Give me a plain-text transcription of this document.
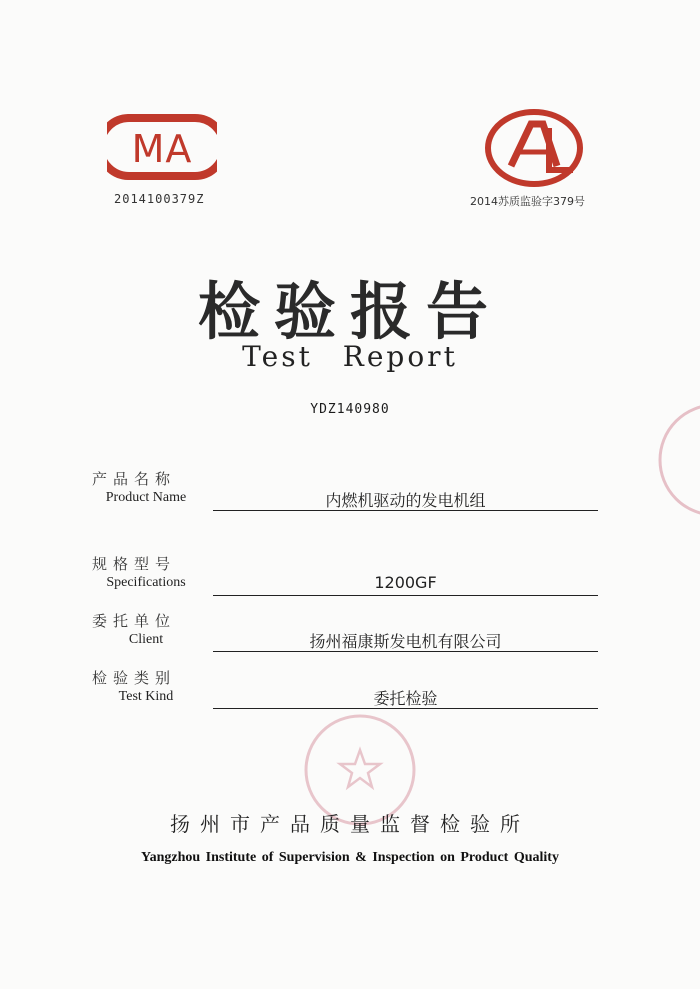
MA
2014100379Z	2014苏质监验字379号
检验报告
Test Report
YDZ140980
产品名称
Product Name	内燃机驱动的发电机组
规格型号
Specifications	1200GF
委托单位
Client	扬州福康斯发电机有限公司
检验类别
Test Kind	委托检验
扬州市产品质量监督检验所
Yangzhou Institute of Supervision & Inspection on Product Quality
